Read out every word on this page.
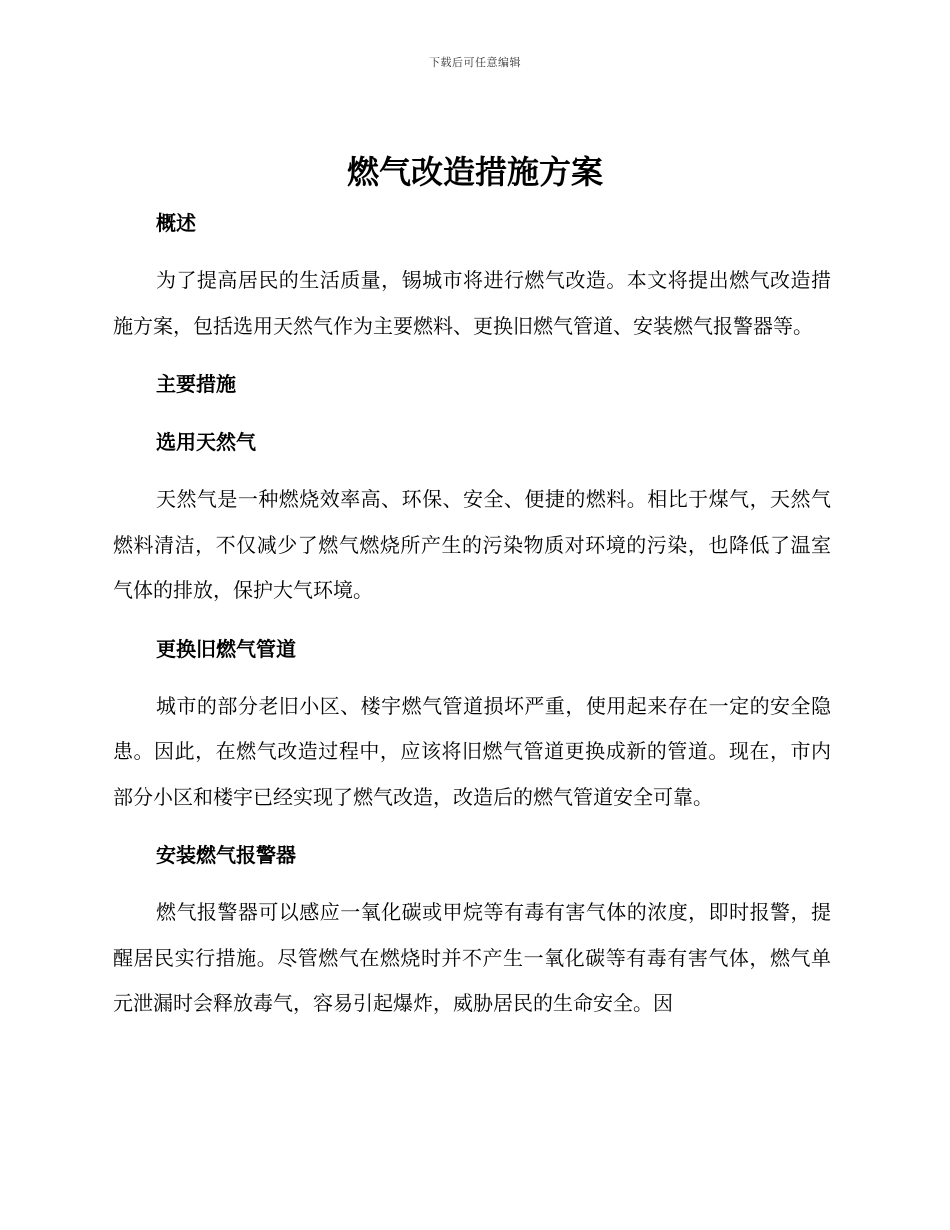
下载后可任意编辑
燃气改造措施方案
概述

为了提高居民的生活质量，锡城市将进行燃气改造。本文将提出燃气改造措施方案，包括选用天然气作为主要燃料、更换旧燃气管道、安装燃气报警器等。

主要措施
选用天然气

天然气是一种燃烧效率高、环保、安全、便捷的燃料。相比于煤气，天然气燃料清洁，不仅减少了燃气燃烧所产生的污染物质对环境的污染，也降低了温室气体的排放，保护大气环境。

更换旧燃气管道

城市的部分老旧小区、楼宇燃气管道损坏严重，使用起来存在一定的安全隐患。因此，在燃气改造过程中，应该将旧燃气管道更换成新的管道。现在，市内部分小区和楼宇已经实现了燃气改造，改造后的燃气管道安全可靠。

安装燃气报警器

燃气报警器可以感应一氧化碳或甲烷等有毒有害气体的浓度，即时报警，提醒居民实行措施。尽管燃气在燃烧时并不产生一氧化碳等有毒有害气体，燃气单元泄漏时会释放毒气，容易引起爆炸，威胁居民的生命安全。因
